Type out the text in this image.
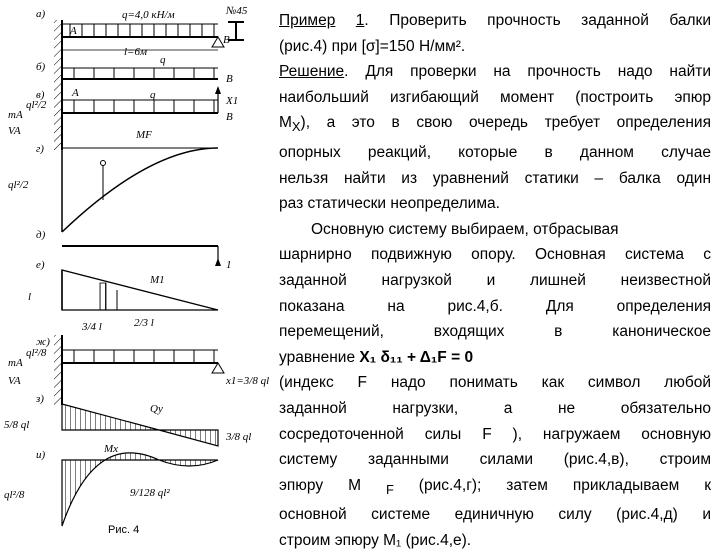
a)	q=4,0 кН/м	№45
A
B
l=6м
q
б)
B
в)
mA
ql²/2
VA
A	q	X1
B
г)
MF
ql²/2
д)
1
е)
M1
l
3/4 l	2/3 l
ж)
mA
ql²/8
VA	x1=3/8 ql
з)
5/8 ql
Qy
3/8 ql
и)
ql²/8
Mx
9/128 ql²
Рис. 4
Пример 1. Проверить прочность заданной балки
(рис.4) при [σ]=150 Н/мм².
Решение. Для проверки на прочность надо найти
наибольший изгибающий момент (построить эпюр
$М_Х$), а это в свою очередь требует определения
опорных реакций, которые в данном случае
нельзя найти из уравнений статики – балка один
раз статически неопределима.
Основную систему выбираем, отбрасывая
шарнирно подвижную опору. Основная система с
заданной нагрузкой и лишней неизвестной
показана на рис.4,б. Для определения
перемещений, входящих в каноническое
уравнение X₁ δ₁₁ + Δ₁F = 0
(индекс F надо понимать как символ любой
заданной нагрузки, а не обязательно
сосредоточенной силы F ), нагружаем основную
систему заданными силами (рис.4,в), строим
эпюру М $_F$ (рис.4,г); затем прикладываем к
основной системе единичную силу (рис.4,д) и
строим эпюру М₁ (рис.4,е).
